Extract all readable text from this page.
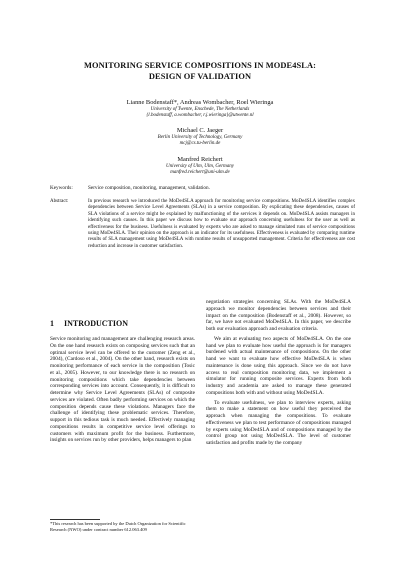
MONITORING SERVICE COMPOSITIONS IN MODE4SLA:
DESIGN OF VALIDATION
Lianne Bodenstaff*, Andreas Wombacher, Roel Wieringa
University of Twente, Enschede, The Netherlands
{l.bodenstaff, a.wombacher, r.j.wieringa}@utwente.nl
Michael C. Jaeger
Berlin University of Technology, Germany
mcj@cs.tu-berlin.de
Manfred Reichert
University of Ulm, Ulm, Germany
manfred.reichert@uni-ulm.de
Keywords:	Service composition, monitoring, management, validation.
Abstract:	In previous research we introduced the MoDe4SLA approach for monitoring service compositions. MoDe4SLA identifies complex dependencies between Service Level Agreements (SLAs) in a service composition. By explicating these dependencies, causes of SLA violations of a service might be explained by malfunctioning of the services it depends on. MoDe4SLA assists managers in identifying such causes. In this paper we discuss how to evaluate our approach concerning usefulness for the user as well as effectiveness for the business. Usefulness is evaluated by experts who are asked to manage simulated runs of service compositions using MoDe4SLA. Their opinion on the approach is an indicator for its usefulness. Effectiveness is evaluated by comparing runtime results of SLA management using MoDe4SLA with runtime results of unsupported management. Criteria for effectiveness are cost reduction and increase in customer satisfaction.
1 INTRODUCTION

Service monitoring and management are challenging research areas. On the one hand research exists on composing services such that an optimal service level can be offered to the customer (Zeng et al., 2004), (Cardoso et al., 2004). On the other hand, research exists on monitoring performance of each service in the composition (Tosic et al., 2005). However, to our knowledge there is no research on monitoring compositions which take dependencies between corresponding services into account. Consequently, it is difficult to determine why Service Level Agreements (SLAs) of composite services are violated. Often badly performing services on which the composition depends cause these violations. Managers face the challenge of identifying these problematic services. Therefore, support in this tedious task is much needed. Effectively managing compositions results in competitive service level offerings to customers with maximum profit for the business. Furthermore, insights on services run by other providers, helps managers to plan

*This research has been supported by the Dutch Organization for Scientific Research (NWO) under contract number 612.063.409

negotiation strategies concerning SLAs. With the MoDe4SLA approach we monitor dependencies between services and their impact on the composition (Bodenstaff et al., 2008). However, so far, we have not evaluated MoDe4SLA. In this paper, we describe both our evaluation approach and evaluation criteria.

We aim at evaluating two aspects of MoDe4SLA. On the one hand we plan to evaluate how useful the approach is for managers burdened with actual maintenance of compositions. On the other hand we want to evaluate how effective MoDe4SLA is when maintenance is done using this approach. Since we do not have access to real composition monitoring data, we implement a simulator for running composite services. Experts from both industry and academia are asked to manage these generated compositions both with and without using MoDe4SLA.

To evaluate usefulness, we plan to interview experts, asking them to make a statement on how useful they perceived the approach when managing the compositions. To evaluate effectiveness we plan to test performance of compositions managed by experts using MoDe4SLA and of compositions managed by the control group not using MoDe4SLA. The level of customer satisfaction and profits made by the company
